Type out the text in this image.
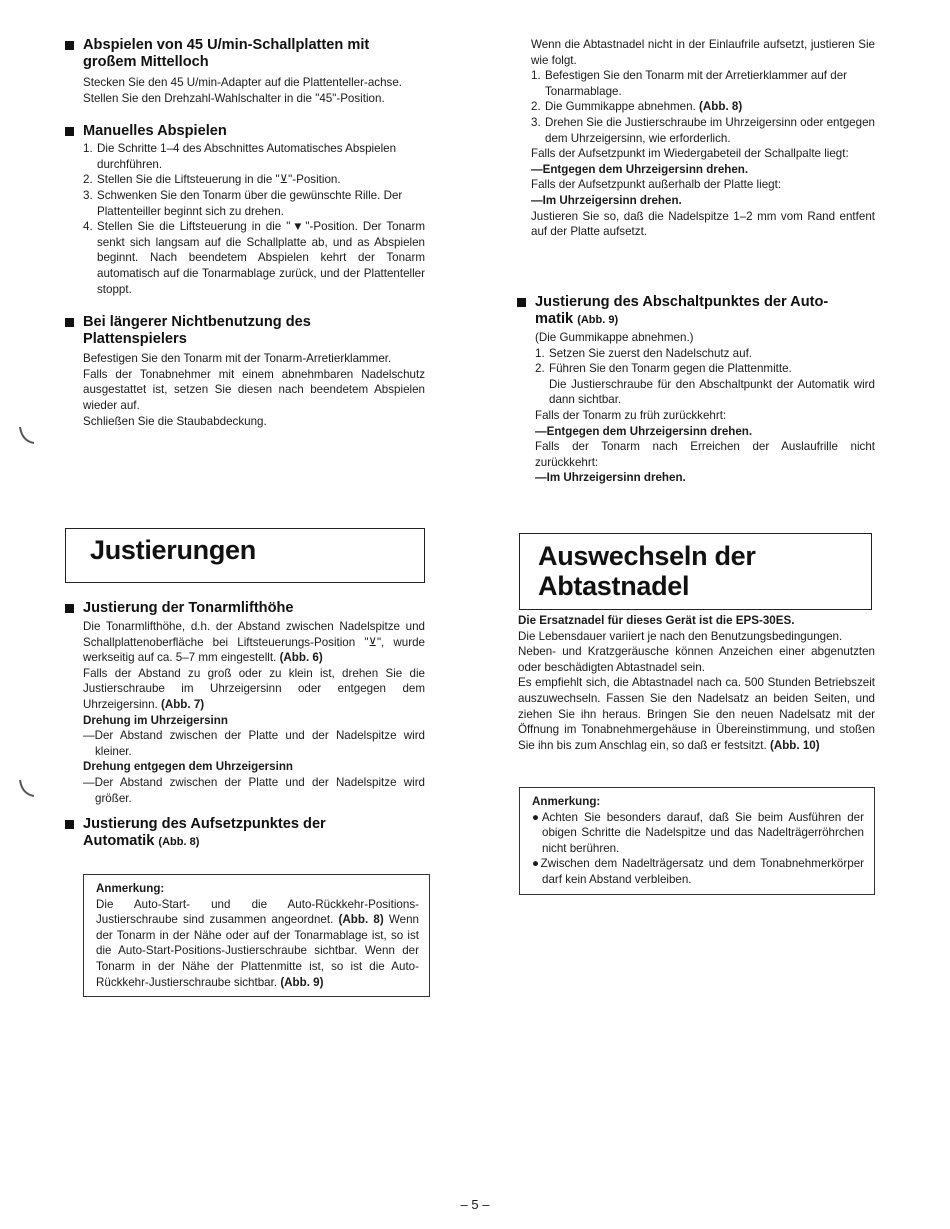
Abspielen von 45 U/min-Schallplatten mit
großem Mittelloch

Stecken Sie den 45 U/min-Adapter auf die Plattenteller-achse.

Stellen Sie den Drehzahl-Wahlschalter in die "45"-Position.

Manuelles Abspielen
1. Die Schritte 1–4 des Abschnittes Automatisches Abspielen durchführen.
2. Stellen Sie die Liftsteuerung in die "⊻"-Position.
3. Schwenken Sie den Tonarm über die gewünschte Rille. Der Plattenteiller beginnt sich zu drehen.
4. Stellen Sie die Liftsteuerung in die "▼"-Position. Der Tonarm senkt sich langsam auf die Schallplatte ab, und as Abspielen beginnt. Nach beendetem Abspielen kehrt der Tonarm automatisch auf die Tonarmablage zurück, und der Plattenteller stoppt.
Bei längerer Nichtbenutzung des
Plattenspielers

Befestigen Sie den Tonarm mit der Tonarm-Arretierklammer.

Falls der Tonabnehmer mit einem abnehmbaren Nadelschutz ausgestattet ist, setzen Sie diesen nach beendetem Abspielen wieder auf.

Schließen Sie die Staubabdeckung.

Justierungen
Justierung der Tonarmlifthöhe

Die Tonarmlifthöhe, d.h. der Abstand zwischen Nadelspitze und Schallplattenoberfläche bei Liftsteuerungs-Position "⊻", wurde werkseitig auf ca. 5–7 mm eingestellt. (Abb. 6)

Falls der Abstand zu groß oder zu klein ist, drehen Sie die Justierschraube im Uhrzeigersinn oder entgegen dem Uhrzeigersinn. (Abb. 7)

Drehung im Uhrzeigersinn

—Der Abstand zwischen der Platte und der Nadelspitze wird kleiner.

Drehung entgegen dem Uhrzeigersinn

—Der Abstand zwischen der Platte und der Nadelspitze wird größer.

Justierung des Aufsetzpunktes der
Automatik (Abb. 8)

Anmerkung:

Die Auto-Start- und die Auto-Rückkehr-Positions-Justierschraube sind zusammen angeordnet. (Abb. 8) Wenn der Tonarm in der Nähe oder auf der Tonarmablage ist, so ist die Auto-Start-Positions-Justierschraube sichtbar. Wenn der Tonarm in der Nähe der Plattenmitte ist, so ist die Auto-Rückkehr-Justierschraube sichtbar. (Abb. 9)

Wenn die Abtastnadel nicht in der Einlaufrile aufsetzt, justieren Sie wie folgt.

1. Befestigen Sie den Tonarm mit der Arretierklammer auf der Tonarmablage.
2. Die Gummikappe abnehmen. (Abb. 8)
3. Drehen Sie die Justierschraube im Uhrzeigersinn oder entgegen dem Uhrzeigersinn, wie erforderlich.

Falls der Aufsetzpunkt im Wiedergabeteil der Schallpalte liegt:

—Entgegen dem Uhrzeigersinn drehen.

Falls der Aufsetzpunkt außerhalb der Platte liegt:

—Im Uhrzeigersinn drehen.

Justieren Sie so, daß die Nadelspitze 1–2 mm vom Rand entfent auf der Platte aufsetzt.

Justierung des Abschaltpunktes der Auto-
matik (Abb. 9)

(Die Gummikappe abnehmen.)

1. Setzen Sie zuerst den Nadelschutz auf.
2. Führen Sie den Tonarm gegen die Plattenmitte.
Die Justierschraube für den Abschaltpunkt der Automatik wird dann sichtbar.

Falls der Tonarm zu früh zurückkehrt:

—Entgegen dem Uhrzeigersinn drehen.

Falls der Tonarm nach Erreichen der Auslaufrille nicht zurückkehrt:

—Im Uhrzeigersinn drehen.

Auswechseln der
Abtastnadel

Die Ersatznadel für dieses Gerät ist die EPS-30ES.

Die Lebensdauer variiert je nach den Benutzungsbedingungen.

Neben- und Kratzgeräusche können Anzeichen einer abgenutzten oder beschädigten Abtastnadel sein.

Es empfiehlt sich, die Abtastnadel nach ca. 500 Stunden Betriebszeit auszuwechseln. Fassen Sie den Nadelsatz an beiden Seiten, und ziehen Sie ihn heraus. Bringen Sie den neuen Nadelsatz mit der Öffnung im Tonabnehmergehäuse in Übereinstimmung, und stoßen Sie ihn bis zum Anschlag ein, so daß er festsitzt. (Abb. 10)

Anmerkung:

●Achten Sie besonders darauf, daß Sie beim Ausführen der obigen Schritte die Nadelspitze und das Nadelträgerröhrchen nicht berühren.

●Zwischen dem Nadelträgersatz und dem Tonabnehmerkörper darf kein Abstand verbleiben.

– 5 –
